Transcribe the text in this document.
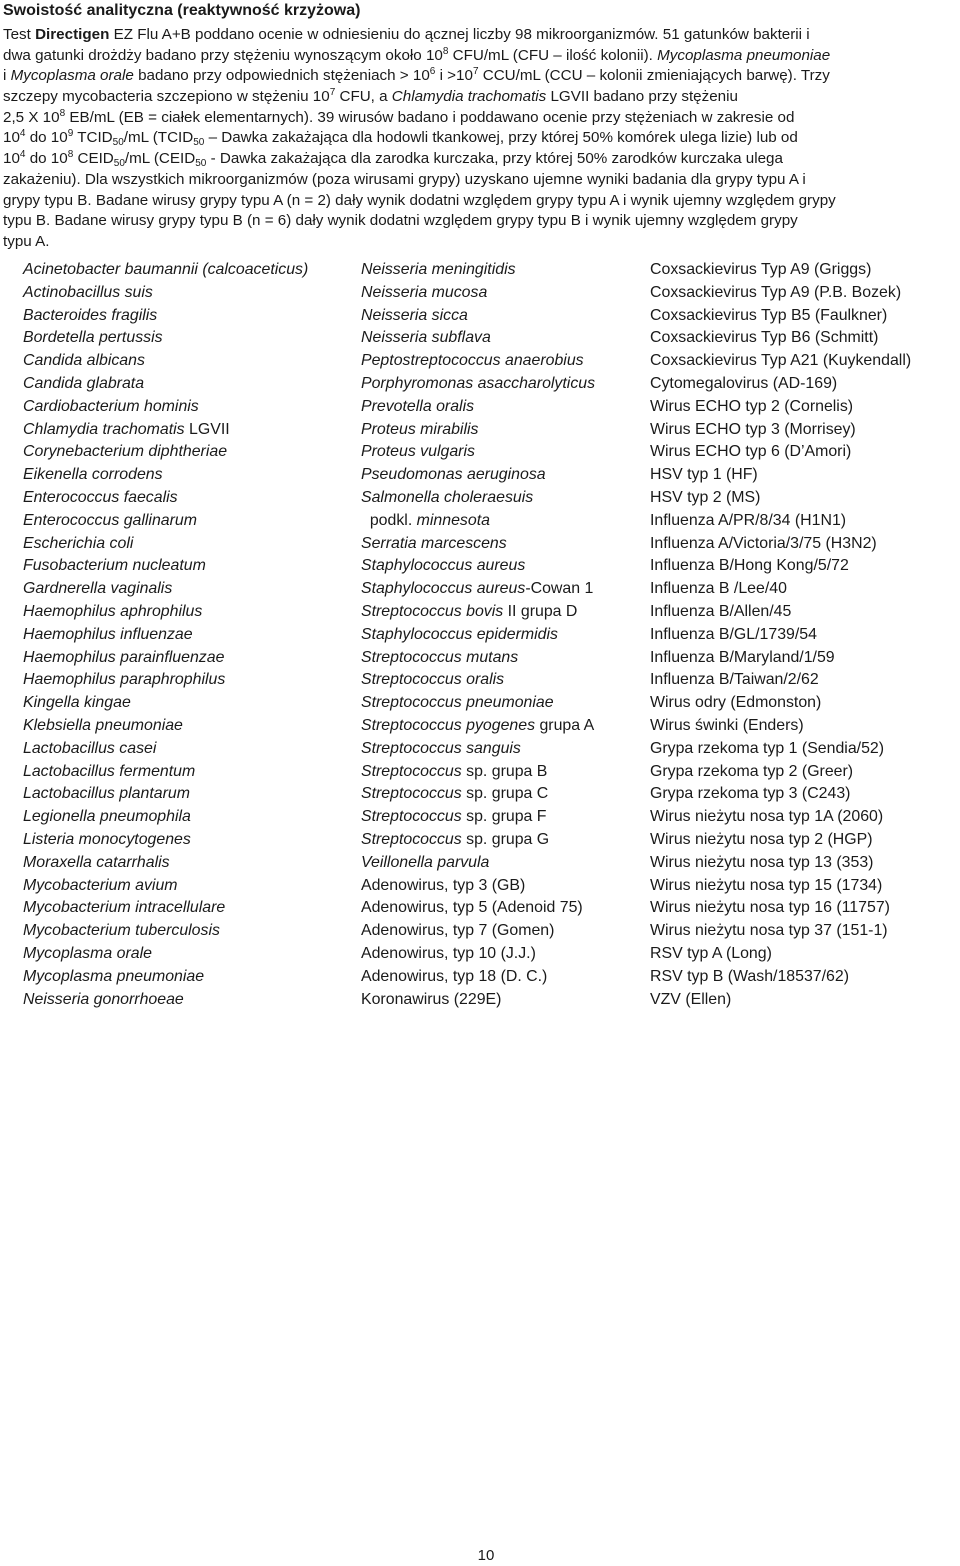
Swoistość analityczna (reaktywność krzyżowa)
Test Directigen EZ Flu A+B poddano ocenie w odniesieniu do ącznej liczby 98 mikroorganizmów. 51 gatunków bakterii i
dwa gatunki drożdży badano przy stężeniu wynoszącym około $10^8$ CFU/mL (CFU – ilość kolonii). Mycoplasma pneumoniae
i Mycoplasma orale badano przy odpowiednich stężeniach > $10^6$ $i >10^7$ CCU/mL (CCU – kolonii zmieniających barwę). Trzy
szczepy mycobacteria szczepiono w stężeniu $10^7$ CFU, a Chlamydia trachomatis LGVII badano przy stężeniu
2,5 X $10^8$ EB/mL (EB = ciałek elementarnych). 39 wirusów badano i poddawano ocenie przy stężeniach w zakresie od
$10^4$ do $10^9$ $TCID_{50}/mL$ ($TCID_{50}$ – Dawka zakażająca dla hodowli tkankowej, przy której 50% komórek ulega lizie) lub od
$10^4$ do $10^8$ $CEID_{50}/mL$ ($CEID_{50}$ - Dawka zakażająca dla zarodka kurczaka, przy której 50% zarodków kurczaka ulega
zakażeniu). Dla wszystkich mikroorganizmów (poza wirusami grypy) uzyskano ujemne wyniki badania dla grypy typu A i
grypy typu B. Badane wirusy grypy typu A (n = 2) dały wynik dodatni względem grypy typu A i wynik ujemny względem grypy
typu B. Badane wirusy grypy typu B (n = 6) dały wynik dodatni względem grypy typu B i wynik ujemny względem grypy
typu A.
Acinetobacter baumannii (calcoaceticus)
Actinobacillus suis
Bacteroides fragilis
Bordetella pertussis
Candida albicans
Candida glabrata
Cardiobacterium hominis
Chlamydia trachomatis LGVII
Corynebacterium diphtheriae
Eikenella corrodens
Enterococcus faecalis
Enterococcus gallinarum
Escherichia coli
Fusobacterium nucleatum
Gardnerella vaginalis
Haemophilus aphrophilus
Haemophilus influenzae
Haemophilus parainfluenzae
Haemophilus paraphrophilus
Kingella kingae
Klebsiella pneumoniae
Lactobacillus casei
Lactobacillus fermentum
Lactobacillus plantarum
Legionella pneumophila
Listeria monocytogenes
Moraxella catarrhalis
Mycobacterium avium
Mycobacterium intracellulare
Mycobacterium tuberculosis
Mycoplasma orale
Mycoplasma pneumoniae
Neisseria gonorrhoeae
Neisseria meningitidis
Neisseria mucosa
Neisseria sicca
Neisseria subflava
Peptostreptococcus anaerobius
Porphyromonas asaccharolyticus
Prevotella oralis
Proteus mirabilis
Proteus vulgaris
Pseudomonas aeruginosa
Salmonella choleraesuis
podkl. minnesota
Serratia marcescens
Staphylococcus aureus
Staphylococcus aureus-Cowan 1
Streptococcus bovis II grupa D
Staphylococcus epidermidis
Streptococcus mutans
Streptococcus oralis
Streptococcus pneumoniae
Streptococcus pyogenes grupa A
Streptococcus sanguis
Streptococcus sp. grupa B
Streptococcus sp. grupa C
Streptococcus sp. grupa F
Streptococcus sp. grupa G
Veillonella parvula
Adenowirus, typ 3 (GB)
Adenowirus, typ 5 (Adenoid 75)
Adenowirus, typ 7 (Gomen)
Adenowirus, typ 10 (J.J.)
Adenowirus, typ 18 (D. C.)
Koronawirus (229E)
Coxsackievirus Typ A9 (Griggs)
Coxsackievirus Typ A9 (P.B. Bozek)
Coxsackievirus Typ B5 (Faulkner)
Coxsackievirus Typ B6 (Schmitt)
Coxsackievirus Typ A21 (Kuykendall)
Cytomegalovirus (AD-169)
Wirus ECHO typ 2 (Cornelis)
Wirus ECHO typ 3 (Morrisey)
Wirus ECHO typ 6 (D’Amori)
HSV typ 1 (HF)
HSV typ 2 (MS)
Influenza A/PR/8/34 (H1N1)
Influenza A/Victoria/3/75 (H3N2)
Influenza B/Hong Kong/5/72
Influenza B /Lee/40
Influenza B/Allen/45
Influenza B/GL/1739/54
Influenza B/Maryland/1/59
Influenza B/Taiwan/2/62
Wirus odry (Edmonston)
Wirus świnki (Enders)
Grypa rzekoma typ 1 (Sendia/52)
Grypa rzekoma typ 2 (Greer)
Grypa rzekoma typ 3 (C243)
Wirus nieżytu nosa typ 1A (2060)
Wirus nieżytu nosa typ 2 (HGP)
Wirus nieżytu nosa typ 13 (353)
Wirus nieżytu nosa typ 15 (1734)
Wirus nieżytu nosa typ 16 (11757)
Wirus nieżytu nosa typ 37 (151-1)
RSV typ A (Long)
RSV typ B (Wash/18537/62)
VZV (Ellen)
10
